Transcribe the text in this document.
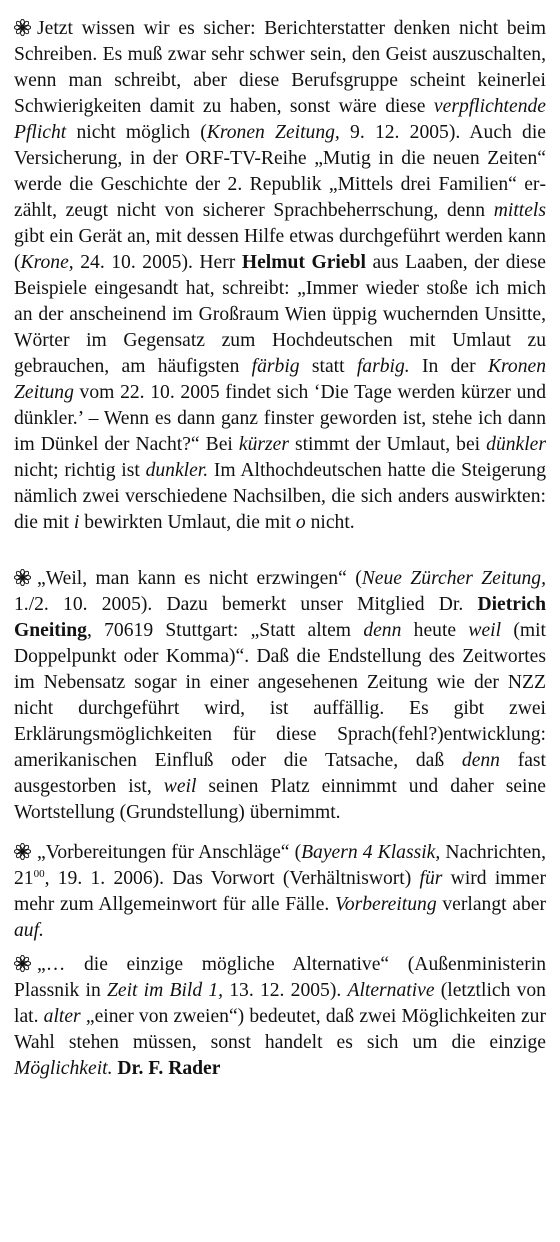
Jetzt wissen wir es sicher: Berichterstatter denken nicht beim Schreiben. Es muß zwar sehr schwer sein, den Geist auszuschalten, wenn man schreibt, aber diese Berufsgruppe scheint keinerlei Schwierigkeiten damit zu haben, sonst wäre diese verpflichtende Pflicht nicht möglich (Kronen Zeitung, 9. 12. 2005). Auch die Versicherung, in der ORF-TV-Reihe „Mutig in die neuen Zeiten“ werde die Geschichte der 2. Republik „Mittels drei Familien“ erzählt, zeugt nicht von sicherer Sprachbeherrschung, denn mittels gibt ein Gerät an, mit dessen Hilfe etwas durchgeführt werden kann (Krone, 24. 10. 2005). Herr Helmut Griebl aus Laaben, der diese Beispiele eingesandt hat, schreibt: „Immer wieder stoße ich mich an der anscheinend im Großraum Wien üppig wuchernden Unsitte, Wörter im Gegensatz zum Hochdeutschen mit Umlaut zu gebrauchen, am häufigsten färbig statt farbig. In der Kronen Zeitung vom 22. 10. 2005 findet sich ‘Die Tage werden kürzer und dünkler.’ – Wenn es dann ganz finster geworden ist, stehe ich dann im Dünkel der Nacht?“ Bei kürzer stimmt der Umlaut, bei dünkler nicht; richtig ist dunkler. Im Althochdeutschen hatte die Steigerung nämlich zwei verschiedene Nachsilben, die sich anders auswirkten: die mit i bewirkten Umlaut, die mit o nicht.

„Weil, man kann es nicht erzwingen“ (Neue Zürcher Zeitung, 1./2. 10. 2005). Dazu bemerkt unser Mitglied Dr. Dietrich Gneiting, 70619 Stuttgart: „Statt altem denn heute weil (mit Doppelpunkt oder Komma)“. Daß die Endstellung des Zeitwortes im Nebensatz sogar in einer angesehenen Zeitung wie der NZZ nicht durchgeführt wird, ist auffällig. Es gibt zwei Erklärungsmöglichkeiten für diese Sprach(fehl?)entwicklung: amerikanischen Einfluß oder die Tatsache, daß denn fast ausgestorben ist, weil seinen Platz einnimmt und daher seine Wortstellung (Grundstellung) übernimmt.

„Vorbereitungen für Anschläge“ (Bayern 4 Klassik, Nachrichten, $21^{00}$, 19. 1. 2006). Das Vorwort (Verhältniswort) für wird immer mehr zum Allgemeinwort für alle Fälle. Vorbereitung verlangt aber auf.

„… die einzige mögliche Alternative“ (Außenministerin Plassnik in Zeit im Bild 1, 13. 12. 2005). Alternative (letztlich von lat. alter „einer von zweien“) bedeutet, daß zwei Möglichkeiten zur Wahl stehen müssen, sonst handelt es sich um die einzige Möglichkeit. Dr. F. Rader
